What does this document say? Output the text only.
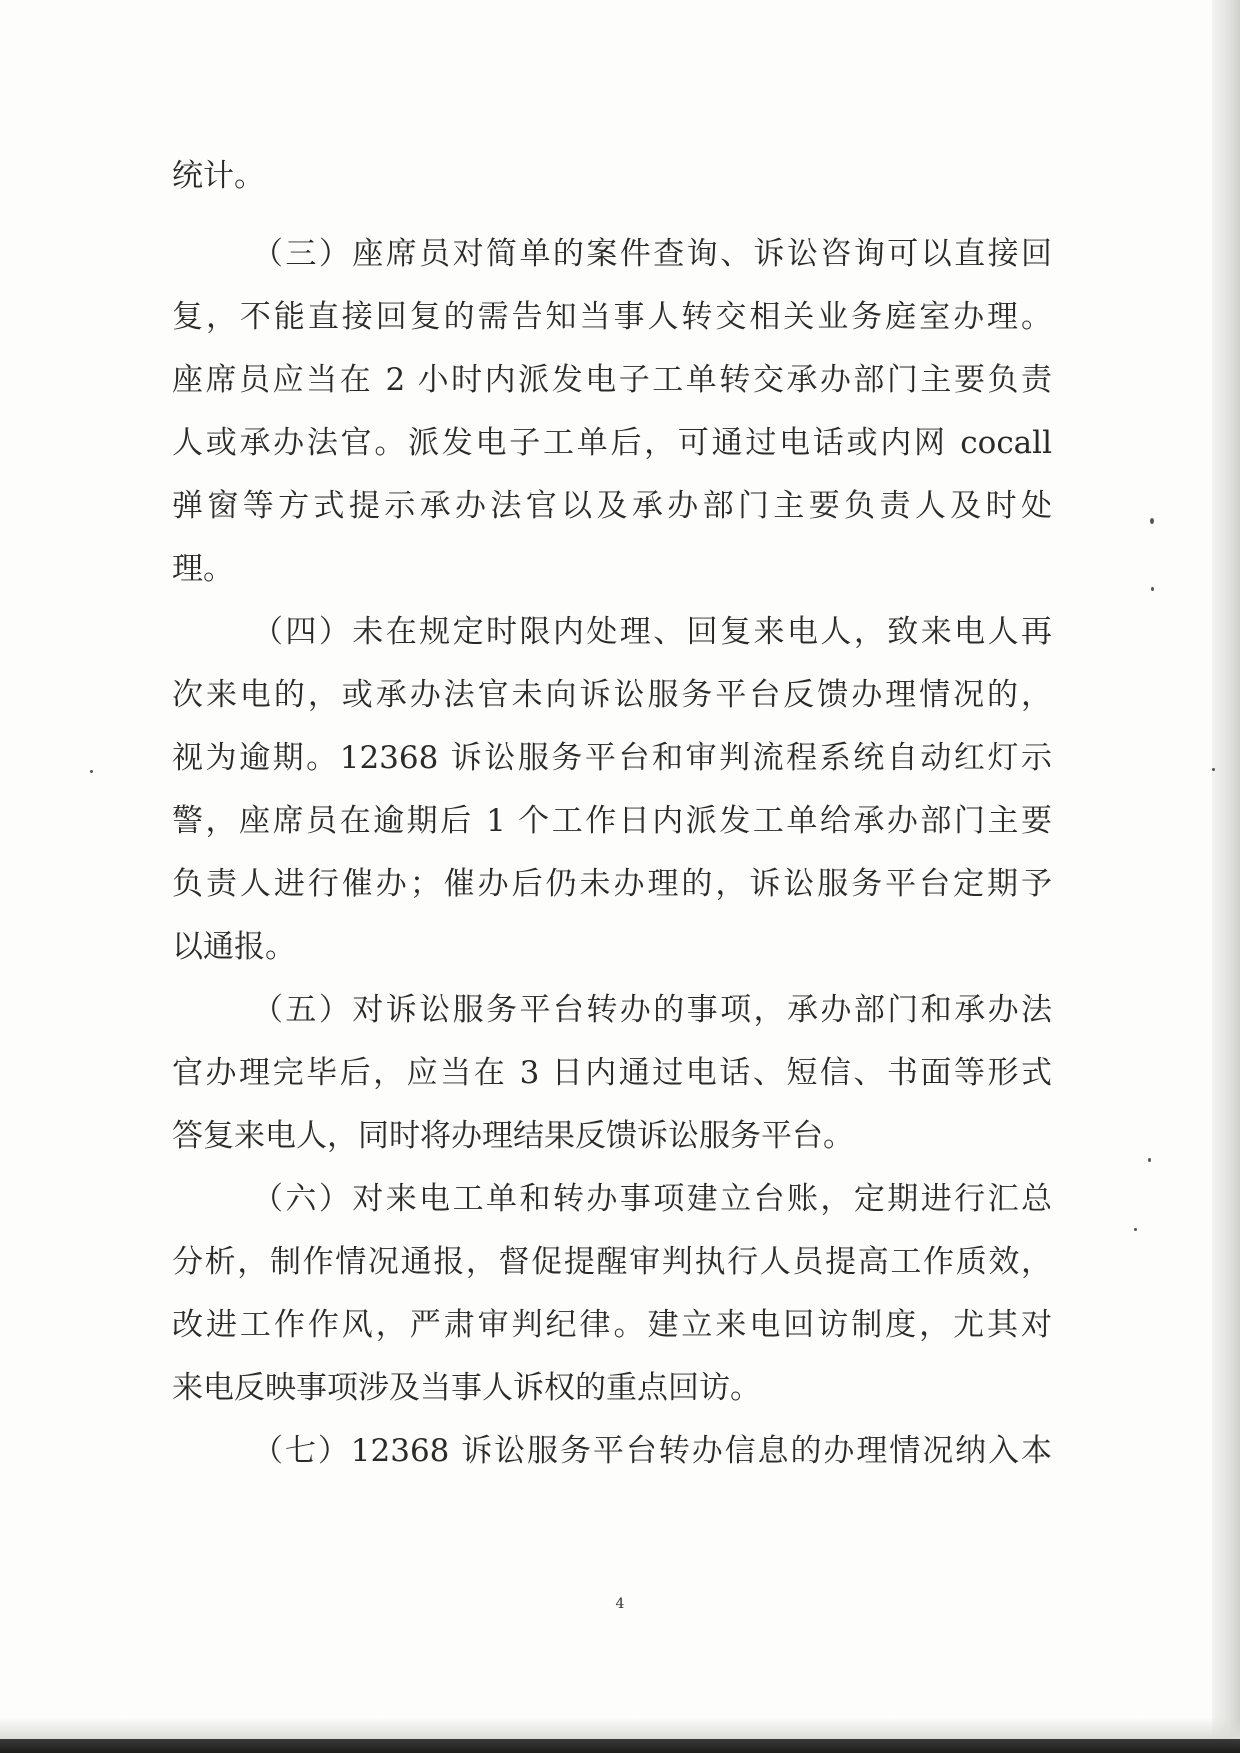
统计。
（三）座席员对简单的案件查询、诉讼咨询可以直接回
复，不能直接回复的需告知当事人转交相关业务庭室办理。
座席员应当在 2 小时内派发电子工单转交承办部门主要负责
人或承办法官。派发电子工单后，可通过电话或内网 cocall
弹窗等方式提示承办法官以及承办部门主要负责人及时处
理。
（四）未在规定时限内处理、回复来电人，致来电人再
次来电的，或承办法官未向诉讼服务平台反馈办理情况的，
视为逾期。12368 诉讼服务平台和审判流程系统自动红灯示
警，座席员在逾期后 1 个工作日内派发工单给承办部门主要
负责人进行催办；催办后仍未办理的，诉讼服务平台定期予
以通报。
（五）对诉讼服务平台转办的事项，承办部门和承办法
官办理完毕后，应当在 3 日内通过电话、短信、书面等形式
答复来电人，同时将办理结果反馈诉讼服务平台。
（六）对来电工单和转办事项建立台账，定期进行汇总
分析，制作情况通报，督促提醒审判执行人员提高工作质效，
改进工作作风，严肃审判纪律。建立来电回访制度，尤其对
来电反映事项涉及当事人诉权的重点回访。
（七）12368 诉讼服务平台转办信息的办理情况纳入本
4
